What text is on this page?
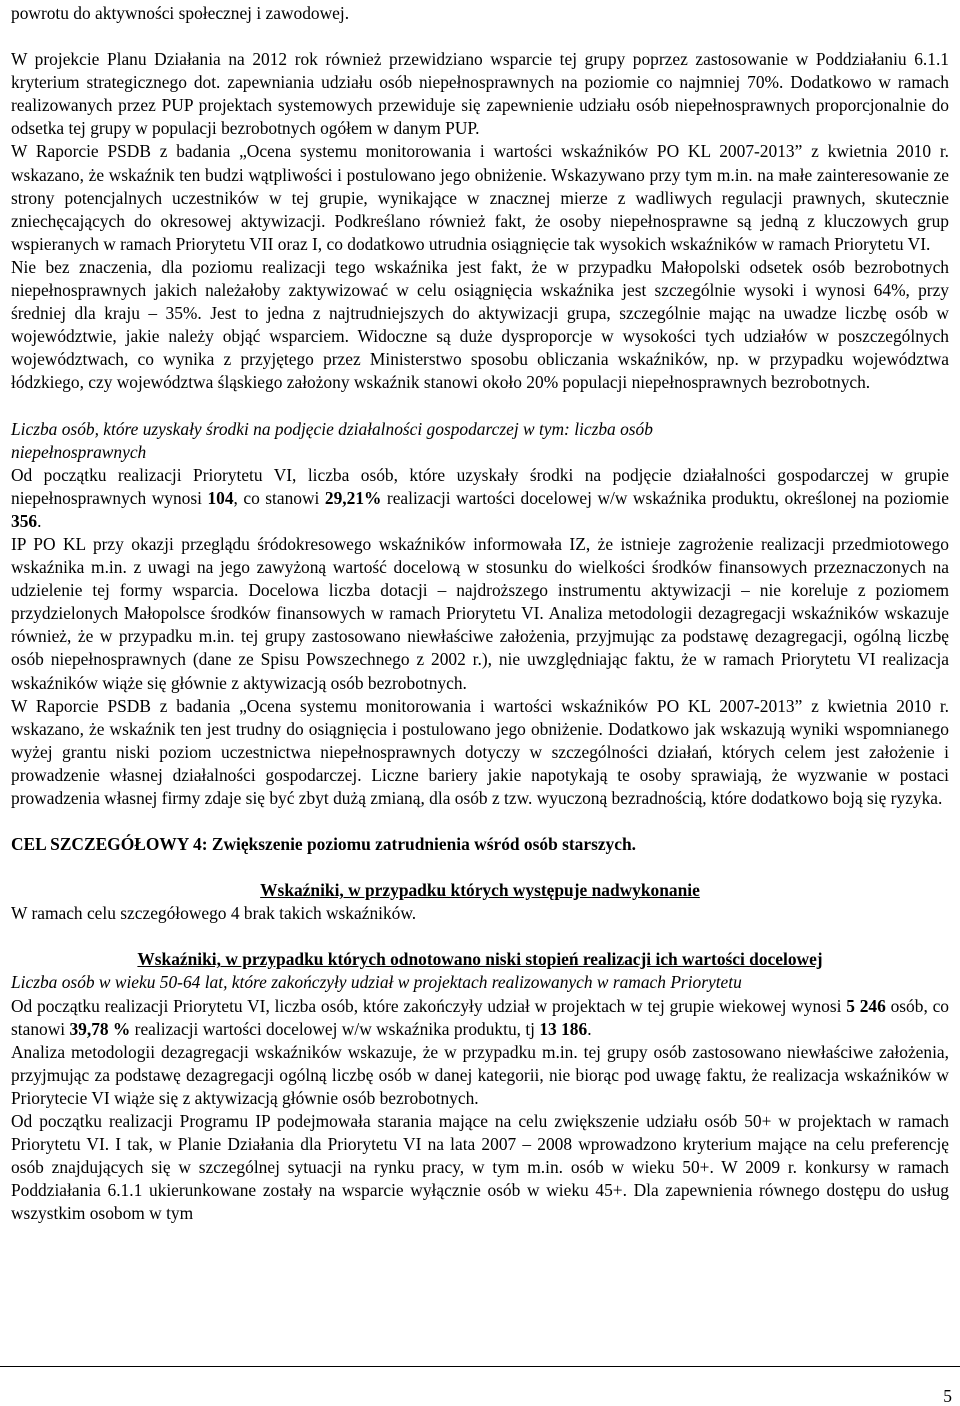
powrotu do aktywności społecznej i zawodowej.

W projekcie Planu Działania na 2012 rok również przewidziano wsparcie tej grupy poprzez zastosowanie w Poddziałaniu 6.1.1 kryterium strategicznego dot. zapewniania udziału osób niepełnosprawnych na poziomie co najmniej 70%. Dodatkowo w ramach realizowanych przez PUP projektach systemowych przewiduje się zapewnienie udziału osób niepełnosprawnych proporcjonalnie do odsetka tej grupy w populacji bezrobotnych ogółem w danym PUP.

W Raporcie PSDB z badania „Ocena systemu monitorowania i wartości wskaźników PO KL 2007-2013” z kwietnia 2010 r. wskazano, że wskaźnik ten budzi wątpliwości i postulowano jego obniżenie. Wskazywano przy tym m.in. na małe zainteresowanie ze strony potencjalnych uczestników w tej grupie, wynikające w znacznej mierze z wadliwych regulacji prawnych, skutecznie zniechęcających do okresowej aktywizacji. Podkreślano również fakt, że osoby niepełnosprawne są jedną z kluczowych grup wspieranych w ramach Priorytetu VII oraz I, co dodatkowo utrudnia osiągnięcie tak wysokich wskaźników w ramach Priorytetu VI.

Nie bez znaczenia, dla poziomu realizacji tego wskaźnika jest fakt, że w przypadku Małopolski odsetek osób bezrobotnych niepełnosprawnych jakich należałoby zaktywizować w celu osiągnięcia wskaźnika jest szczególnie wysoki i wynosi 64%, przy średniej dla kraju – 35%. Jest to jedna z najtrudniejszych do aktywizacji grupa, szczególnie mając na uwadze liczbę osób w województwie, jakie należy objąć wsparciem. Widoczne są duże dysproporcje w wysokości tych udziałów w poszczególnych województwach, co wynika z przyjętego przez Ministerstwo sposobu obliczania wskaźników, np. w przypadku województwa łódzkiego, czy województwa śląskiego założony wskaźnik stanowi około 20% populacji niepełnosprawnych bezrobotnych.

Liczba osób, które uzyskały środki na podjęcie działalności gospodarczej w tym: liczba osób niepełnosprawnych

Od początku realizacji Priorytetu VI, liczba osób, które uzyskały środki na podjęcie działalności gospodarczej w grupie niepełnosprawnych wynosi 104, co stanowi 29,21% realizacji wartości docelowej w/w wskaźnika produktu, określonej na poziomie 356.

IP PO KL przy okazji przeglądu śródokresowego wskaźników informowała IZ, że istnieje zagrożenie realizacji przedmiotowego wskaźnika m.in. z uwagi na jego zawyżoną wartość docelową w stosunku do wielkości środków finansowych przeznaczonych na udzielenie tej formy wsparcia. Docelowa liczba dotacji – najdroższego instrumentu aktywizacji – nie koreluje z poziomem przydzielonych Małopolsce środków finansowych w ramach Priorytetu VI. Analiza metodologii dezagregacji wskaźników wskazuje również, że w przypadku m.in. tej grupy zastosowano niewłaściwe założenia, przyjmując za podstawę dezagregacji, ogólną liczbę osób niepełnosprawnych (dane ze Spisu Powszechnego z 2002 r.), nie uwzględniając faktu, że w ramach Priorytetu VI realizacja wskaźników wiąże się głównie z aktywizacją osób bezrobotnych.

W Raporcie PSDB z badania „Ocena systemu monitorowania i wartości wskaźników PO KL 2007-2013” z kwietnia 2010 r. wskazano, że wskaźnik ten jest trudny do osiągnięcia i postulowano jego obniżenie. Dodatkowo jak wskazują wyniki wspomnianego wyżej grantu niski poziom uczestnictwa niepełnosprawnych dotyczy w szczególności działań, których celem jest założenie i prowadzenie własnej działalności gospodarczej. Liczne bariery jakie napotykają te osoby sprawiają, że wyzwanie w postaci prowadzenia własnej firmy zdaje się być zbyt dużą zmianą, dla osób z tzw. wyuczoną bezradnością, które dodatkowo boją się ryzyka.

CEL SZCZEGÓŁOWY 4: Zwiększenie poziomu zatrudnienia wśród osób starszych.
Wskaźniki, w przypadku których występuje nadwykonanie

W ramach celu szczegółowego 4 brak takich wskaźników.

Wskaźniki, w przypadku których odnotowano niski stopień realizacji ich wartości docelowej

Liczba osób w wieku 50-64 lat, które zakończyły udział w projektach realizowanych w ramach Priorytetu

Od początku realizacji Priorytetu VI, liczba osób, które zakończyły udział w projektach w tej grupie wiekowej wynosi 5 246 osób, co stanowi 39,78 % realizacji wartości docelowej w/w wskaźnika produktu, tj 13 186.

Analiza metodologii dezagregacji wskaźników wskazuje, że w przypadku m.in. tej grupy osób zastosowano niewłaściwe założenia, przyjmując za podstawę dezagregacji ogólną liczbę osób w danej kategorii, nie biorąc pod uwagę faktu, że realizacja wskaźników w Priorytecie VI wiąże się z aktywizacją głównie osób bezrobotnych.

Od początku realizacji Programu IP podejmowała starania mające na celu zwiększenie udziału osób 50+ w projektach w ramach Priorytetu VI. I tak, w Planie Działania dla Priorytetu VI na lata 2007 – 2008 wprowadzono kryterium mające na celu preferencję osób znajdujących się w szczególnej sytuacji na rynku pracy, w tym m.in. osób w wieku 50+. W 2009 r. konkursy w ramach Poddziałania 6.1.1 ukierunkowane zostały na wsparcie wyłącznie osób w wieku 45+. Dla zapewnienia równego dostępu do usług wszystkim osobom w tym

5
